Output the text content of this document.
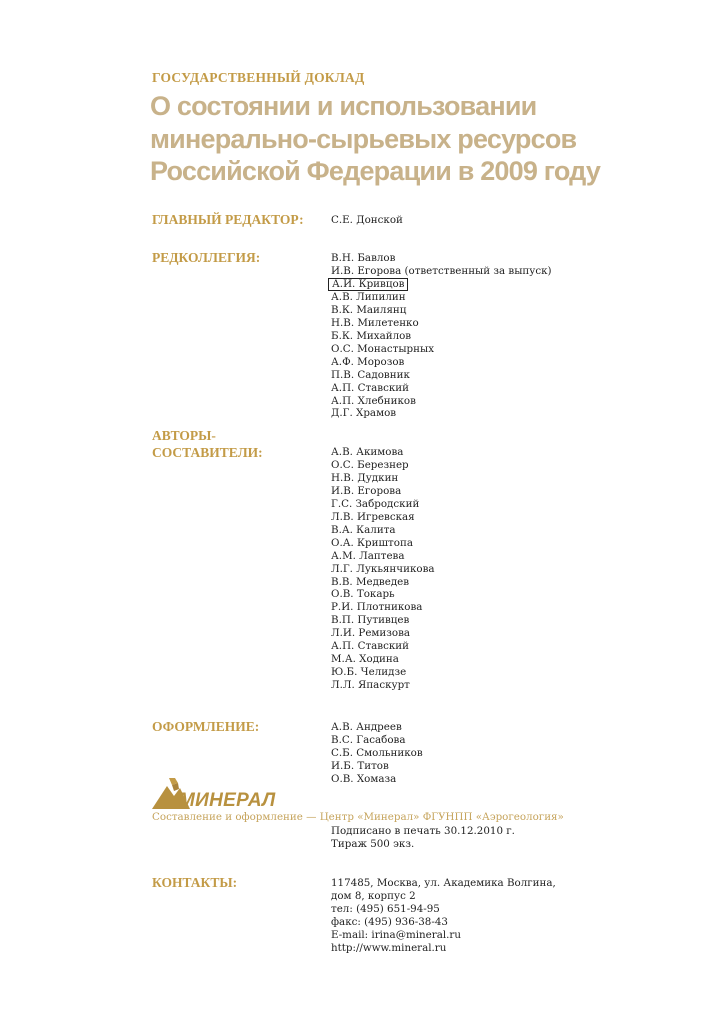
ГОСУДАРСТВЕННЫЙ ДОКЛАД
О состоянии и использовании
минерально-сырьевых ресурсов
Российской Федерации в 2009 году
ГЛАВНЫЙ РЕДАКТОР:	С.Е. Донской
РЕДКОЛЛЕГИЯ:	В.Н. Бавлов
И.В. Егорова (ответственный за выпуск)
А.И. Кривцов
А.В. Липилин
В.К. Маилянц
Н.В. Милетенко
Б.К. Михайлов
О.С. Монастырных
А.Ф. Морозов
П.В. Садовник
А.П. Ставский
А.П. Хлебников
Д.Г. Храмов
АВТОРЫ-
СОСТАВИТЕЛИ:	А.В. Акимова
О.С. Березнер
Н.В. Дудкин
И.В. Егорова
Г.С. Забродский
Л.В. Игревская
В.А. Калита
О.А. Криштопа
А.М. Лаптева
Л.Г. Лукьянчикова
В.В. Медведев
О.В. Токарь
Р.И. Плотникова
В.П. Путивцев
Л.И. Ремизова
А.П. Ставский
М.А. Ходина
Ю.Б. Челидзе
Л.Л. Япаскурт
ОФОРМЛЕНИЕ:	А.В. Андреев
В.С. Гасабова
С.Б. Смольников
И.Б. Титов
О.В. Хомаза
МИНЕРАЛ
Составление и оформление — Центр «Минерал» ФГУНПП «Аэрогеология»
Подписано в печать 30.12.2010 г.
Тираж 500 экз.
КОНТАКТЫ:	117485, Москва, ул. Академика Волгина,
дом 8, корпус 2
тел: (495) 651-94-95
факс: (495) 936-38-43
E-mail: irina@mineral.ru
http://www.mineral.ru
